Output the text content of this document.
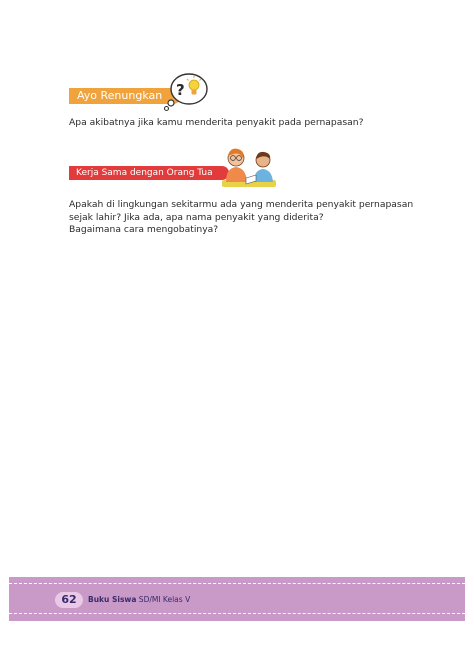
Ayo Renungkan ?
Apa akibatnya jika kamu menderita penyakit pada pernapasan?
Kerja Sama dengan Orang Tua
Apakah di lingkungan sekitarmu ada yang menderita penyakit pernapasan
sejak lahir? Jika ada, apa nama penyakit yang diderita?
Bagaimana cara mengobatinya?
62	Buku Siswa SD/MI Kelas V
